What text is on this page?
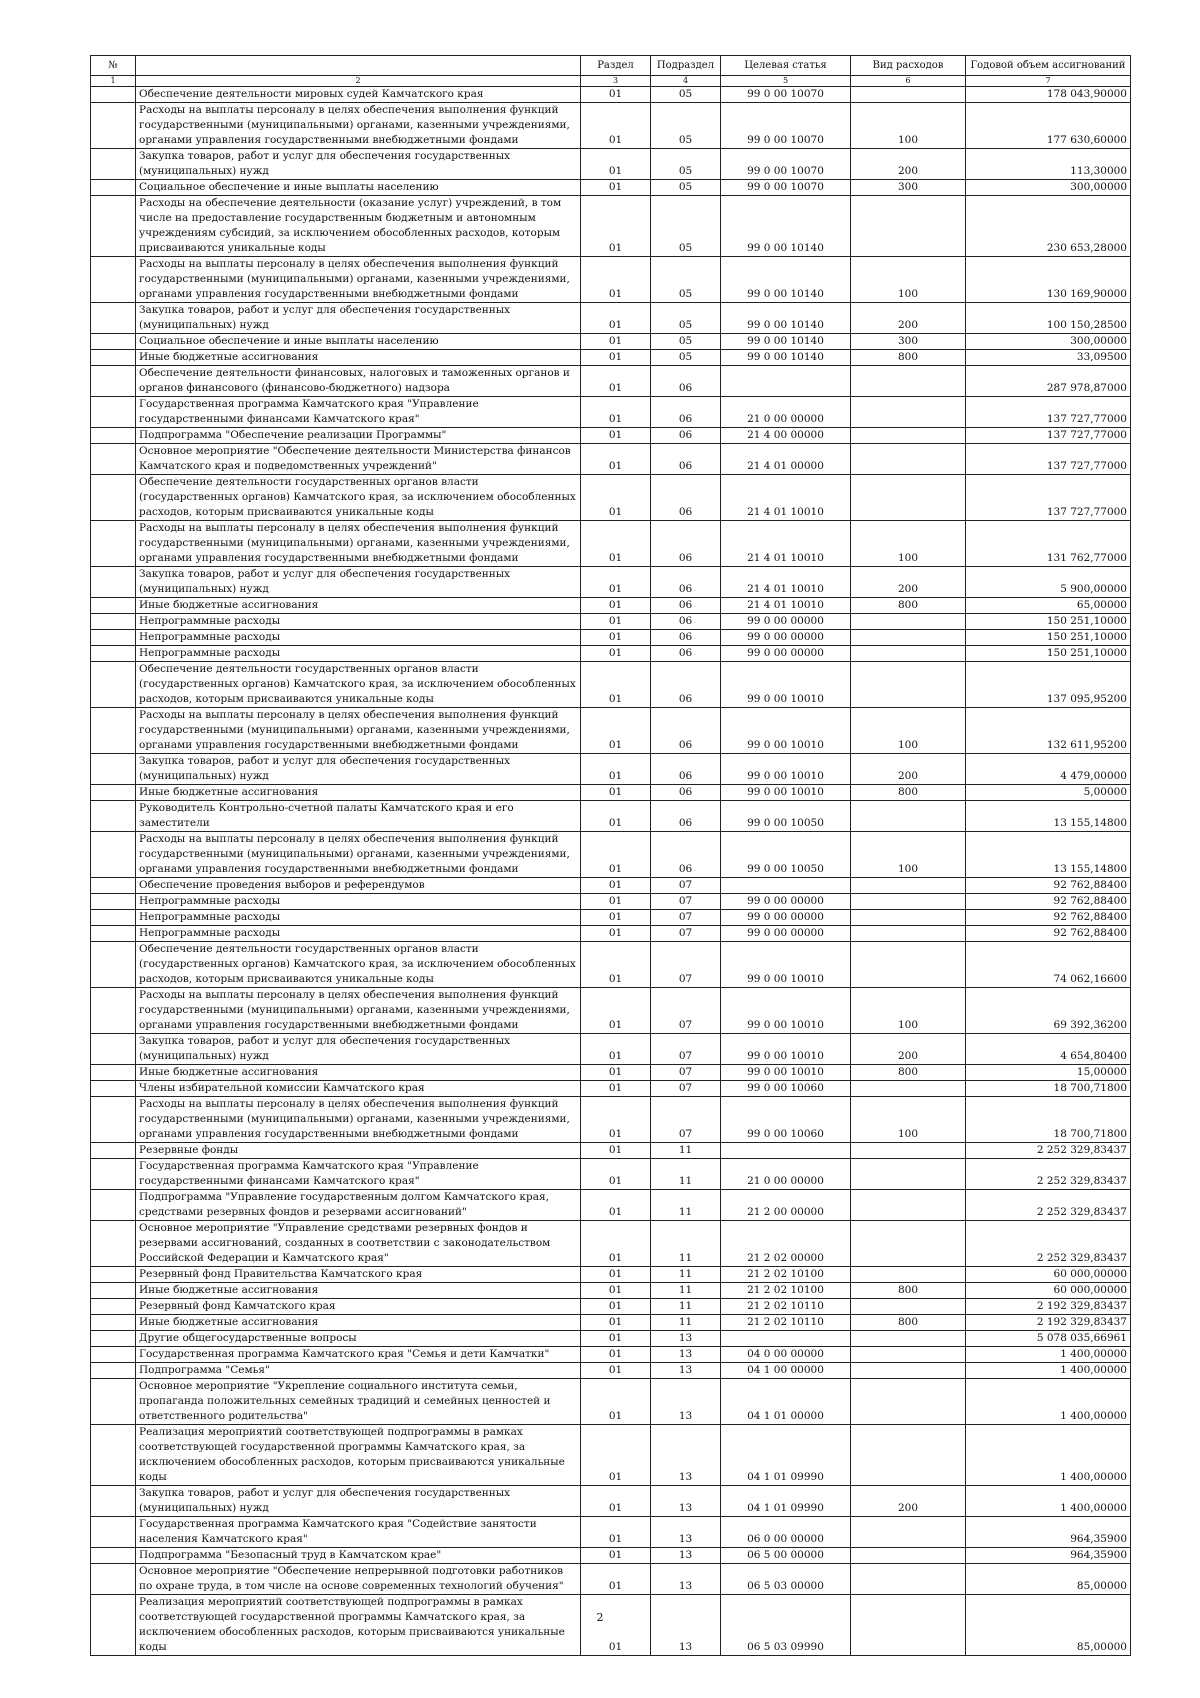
№		Раздел	Подраздел	Целевая статья	Вид расходов	Годовой объем ассигнований
1	2	3	4	5	6	7
	Обеспечение деятельности мировых судей Камчатского края	01	05	99 0 00 10070		178 043,90000
	Расходы на выплаты персоналу в целях обеспечения выполнения функций государственными (муниципальными) органами, казенными учреждениями, органами управления государственными внебюджетными фондами	01	05	99 0 00 10070	100	177 630,60000
	Закупка товаров, работ и услуг для обеспечения государственных (муниципальных) нужд	01	05	99 0 00 10070	200	113,30000
	Социальное обеспечение и иные выплаты населению	01	05	99 0 00 10070	300	300,00000
	Расходы на обеспечение деятельности (оказание услуг) учреждений, в том числе на предоставление государственным бюджетным и автономным учреждениям субсидий, за исключением обособленных расходов, которым присваиваются уникальные коды	01	05	99 0 00 10140		230 653,28000
	Расходы на выплаты персоналу в целях обеспечения выполнения функций государственными (муниципальными) органами, казенными учреждениями, органами управления государственными внебюджетными фондами	01	05	99 0 00 10140	100	130 169,90000
	Закупка товаров, работ и услуг для обеспечения государственных (муниципальных) нужд	01	05	99 0 00 10140	200	100 150,28500
	Социальное обеспечение и иные выплаты населению	01	05	99 0 00 10140	300	300,00000
	Иные бюджетные ассигнования	01	05	99 0 00 10140	800	33,09500
	Обеспечение деятельности финансовых, налоговых и таможенных органов и органов финансового (финансово-бюджетного) надзора	01	06			287 978,87000
	Государственная программа Камчатского края "Управление государственными финансами Камчатского края"	01	06	21 0 00 00000		137 727,77000
	Подпрограмма "Обеспечение реализации Программы"	01	06	21 4 00 00000		137 727,77000
	Основное мероприятие "Обеспечение деятельности Министерства финансов Камчатского края и подведомственных учреждений"	01	06	21 4 01 00000		137 727,77000
	Обеспечение деятельности государственных органов власти (государственных органов) Камчатского края, за исключением обособленных расходов, которым присваиваются уникальные коды	01	06	21 4 01 10010		137 727,77000
	Расходы на выплаты персоналу в целях обеспечения выполнения функций государственными (муниципальными) органами, казенными учреждениями, органами управления государственными внебюджетными фондами	01	06	21 4 01 10010	100	131 762,77000
	Закупка товаров, работ и услуг для обеспечения государственных (муниципальных) нужд	01	06	21 4 01 10010	200	5 900,00000
	Иные бюджетные ассигнования	01	06	21 4 01 10010	800	65,00000
	Непрограммные расходы	01	06	99 0 00 00000		150 251,10000
	Непрограммные расходы	01	06	99 0 00 00000		150 251,10000
	Непрограммные расходы	01	06	99 0 00 00000		150 251,10000
	Обеспечение деятельности государственных органов власти (государственных органов) Камчатского края, за исключением обособленных расходов, которым присваиваются уникальные коды	01	06	99 0 00 10010		137 095,95200
	Расходы на выплаты персоналу в целях обеспечения выполнения функций государственными (муниципальными) органами, казенными учреждениями, органами управления государственными внебюджетными фондами	01	06	99 0 00 10010	100	132 611,95200
	Закупка товаров, работ и услуг для обеспечения государственных (муниципальных) нужд	01	06	99 0 00 10010	200	4 479,00000
	Иные бюджетные ассигнования	01	06	99 0 00 10010	800	5,00000
	Руководитель Контрольно-счетной палаты Камчатского края и его заместители	01	06	99 0 00 10050		13 155,14800
	Расходы на выплаты персоналу в целях обеспечения выполнения функций государственными (муниципальными) органами, казенными учреждениями, органами управления государственными внебюджетными фондами	01	06	99 0 00 10050	100	13 155,14800
	Обеспечение проведения выборов и референдумов	01	07			92 762,88400
	Непрограммные расходы	01	07	99 0 00 00000		92 762,88400
	Непрограммные расходы	01	07	99 0 00 00000		92 762,88400
	Непрограммные расходы	01	07	99 0 00 00000		92 762,88400
	Обеспечение деятельности государственных органов власти (государственных органов) Камчатского края, за исключением обособленных расходов, которым присваиваются уникальные коды	01	07	99 0 00 10010		74 062,16600
	Расходы на выплаты персоналу в целях обеспечения выполнения функций государственными (муниципальными) органами, казенными учреждениями, органами управления государственными внебюджетными фондами	01	07	99 0 00 10010	100	69 392,36200
	Закупка товаров, работ и услуг для обеспечения государственных (муниципальных) нужд	01	07	99 0 00 10010	200	4 654,80400
	Иные бюджетные ассигнования	01	07	99 0 00 10010	800	15,00000
	Члены избирательной комиссии Камчатского края	01	07	99 0 00 10060		18 700,71800
	Расходы на выплаты персоналу в целях обеспечения выполнения функций государственными (муниципальными) органами, казенными учреждениями, органами управления государственными внебюджетными фондами	01	07	99 0 00 10060	100	18 700,71800
	Резервные фонды	01	11			2 252 329,83437
	Государственная программа Камчатского края "Управление государственными финансами Камчатского края"	01	11	21 0 00 00000		2 252 329,83437
	Подпрограмма "Управление государственным долгом Камчатского края, средствами резервных фондов и резервами ассигнований"	01	11	21 2 00 00000		2 252 329,83437
	Основное мероприятие "Управление средствами резервных фондов и резервами ассигнований, созданных в соответствии с законодательством Российской Федерации и Камчатского края"	01	11	21 2 02 00000		2 252 329,83437
	Резервный фонд Правительства Камчатского края	01	11	21 2 02 10100		60 000,00000
	Иные бюджетные ассигнования	01	11	21 2 02 10100	800	60 000,00000
	Резервный фонд Камчатского края	01	11	21 2 02 10110		2 192 329,83437
	Иные бюджетные ассигнования	01	11	21 2 02 10110	800	2 192 329,83437
	Другие общегосударственные вопросы	01	13			5 078 035,66961
	Государственная программа Камчатского края "Семья и дети Камчатки"	01	13	04 0 00 00000		1 400,00000
	Подпрограмма "Семья"	01	13	04 1 00 00000		1 400,00000
	Основное мероприятие "Укрепление социального института семьи, пропаганда положительных семейных традиций и семейных ценностей и ответственного родительства"	01	13	04 1 01 00000		1 400,00000
	Реализация мероприятий соответствующей подпрограммы в рамках соответствующей государственной программы Камчатского края, за исключением обособленных расходов, которым присваиваются уникальные коды	01	13	04 1 01 09990		1 400,00000
	Закупка товаров, работ и услуг для обеспечения государственных (муниципальных) нужд	01	13	04 1 01 09990	200	1 400,00000
	Государственная программа Камчатского края "Содействие занятости населения Камчатского края"	01	13	06 0 00 00000		964,35900
	Подпрограмма "Безопасный труд в Камчатском крае"	01	13	06 5 00 00000		964,35900
	Основное мероприятие "Обеспечение непрерывной подготовки работников по охране труда, в том числе на основе современных технологий обучения"	01	13	06 5 03 00000		85,00000
	Реализация мероприятий соответствующей подпрограммы в рамках соответствующей государственной программы Камчатского края, за исключением обособленных расходов, которым присваиваются уникальные коды	01	13	06 5 03 09990		85,00000
2
